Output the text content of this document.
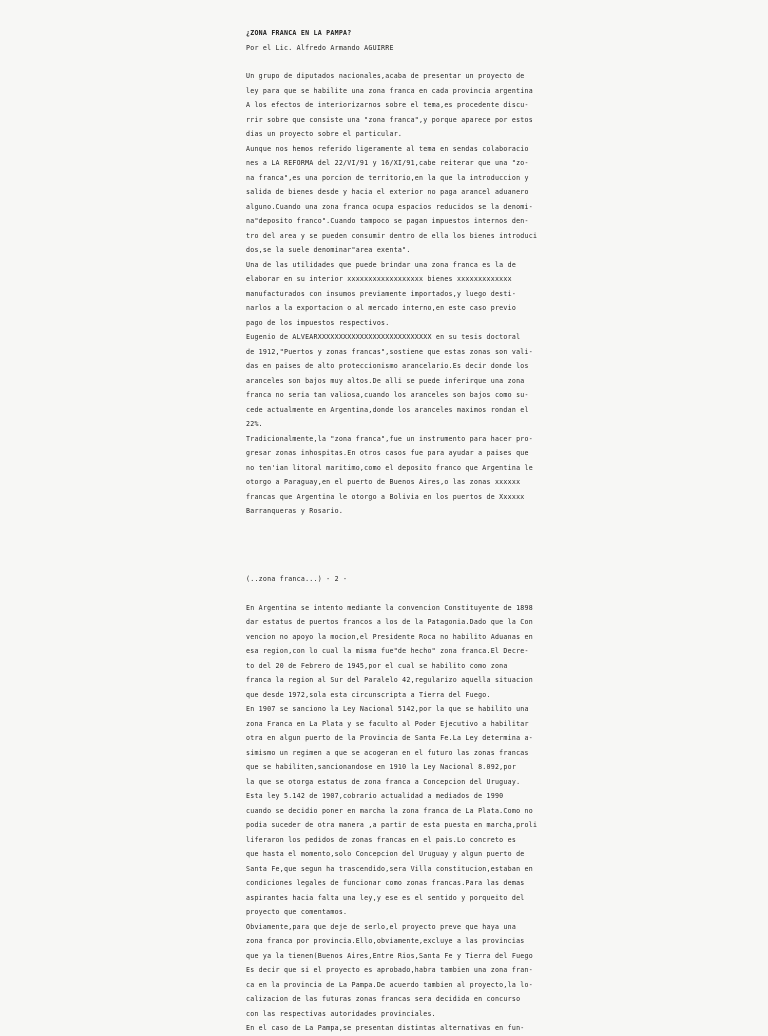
¿ZONA FRANCA EN LA PAMPA?
Por el Lic. Alfredo Armando AGUIRRE
Un grupo de diputados nacionales,acaba de presentar un proyecto de
ley para que se habilite una zona franca en cada provincia argentina
A los efectos de interiorizarnos sobre el tema,es procedente discu-
rrir sobre que consiste una "zona franca",y porque aparece por estos
dias un proyecto sobre el particular.
Aunque nos hemos referido ligeramente al tema en sendas colaboracio
nes a LA REFORMA del 22/VI/91 y 16/XI/91,cabe reiterar que una "zo-
na franca",es una porcion de territorio,en la que la introduccion y
salida de bienes desde y hacia el exterior no paga arancel aduanero
alguno.Cuando una zona franca ocupa espacios reducidos se la denomi-
na"deposito franco".Cuando tampoco se pagan impuestos internos den-
tro del area y se pueden consumir dentro de ella los bienes introduci
dos,se la suele denominar"area exenta".
Una de las utilidades que puede brindar una zona franca es la de
elaborar en su interior xxxxxxxxxxxxxxxxxx bienes xxxxxxxxxxxxx
manufacturados con insumos previamente importados,y luego desti-
narlos a la exportacion o al mercado interno,en este caso previo
pago de los impuestos respectivos.
Eugenio de ALVEARXXXXXXXXXXXXXXXXXXXXXXXXXXX en su tesis doctoral
de 1912,"Puertos y zonas francas",sostiene que estas zonas son vali-
das en paises de alto proteccionismo arancelario.Es decir donde los
aranceles son bajos muy altos.De alli se puede inferirque una zona
franca no seria tan valiosa,cuando los aranceles son bajos como su-
cede actualmente en Argentina,donde los aranceles maximos rondan el
22%.
Tradicionalmente,la "zona franca",fue un instrumento para hacer pro-
gresar zonas inhospitas.En otros casos fue para ayudar a paises que
no ten'ian litoral maritimo,como el deposito franco que Argentina le
otorgo a Paraguay,en el puerto de Buenos Aires,o las zonas xxxxxx
francas que Argentina le otorgo a Bolivia en los puertos de Xxxxxx
Barranqueras y Rosario.
(..zona franca...) - 2 -
En Argentina se intento mediante la convencion Constituyente de 1898
dar estatus de puertos francos a los de la Patagonia.Dado que la Con
vencion no apoyo la mocion,el Presidente Roca no habilito Aduanas en
esa region,con lo cual la misma fue"de hecho" zona franca.El Decre-
to del 20 de Febrero de 1945,por el cual se habilito como zona
franca la region al Sur del Paralelo 42,regularizo aquella situacion
que desde 1972,sola esta circunscripta a Tierra del Fuego.
En 1907 se sanciono la Ley Nacional 5142,por la que se habilito una
zona Franca en La Plata y se faculto al Poder Ejecutivo a habilitar
otra en algun puerto de la Provincia de Santa Fe.La Ley determina a-
simismo un regimen a que se acogeran en el futuro las zonas francas
que se habiliten,sancionandose en 1910 la Ley Nacional 8.092,por
la que se otorga estatus de zona franca a Concepcion del Uruguay.
Esta ley 5.142 de 1907,cobrario actualidad a mediados de 1990
cuando se decidio poner en marcha la zona franca de La Plata.Como no
podia suceder de otra manera ,a partir de esta puesta en marcha,proli
liferaron los pedidos de zonas francas en el pais.Lo concreto es
que hasta el momento,solo Concepcion del Uruguay y algun puerto de
Santa Fe,que segun ha trascendido,sera Villa constitucion,estaban en
condiciones legales de funcionar como zonas francas.Para las demas
aspirantes hacia falta una ley,y ese es el sentido y porqueito del
proyecto que comentamos.
Obviamente,para que deje de serlo,el proyecto preve que haya una
zona franca por provincia.Ello,obviamente,excluye a las provincias
que ya la tienen(Buenos Aires,Entre Rios,Santa Fe y Tierra del Fuego
Es decir que si el proyecto es aprobado,habra tambien una zona fran-
ca en la provincia de La Pampa.De acuerdo tambien al proyecto,la lo-
calizacion de las futuras zonas francas sera decidida en concurso
con las respectivas autoridades provinciales.
En el caso de La Pampa,se presentan distintas alternativas en fun-
